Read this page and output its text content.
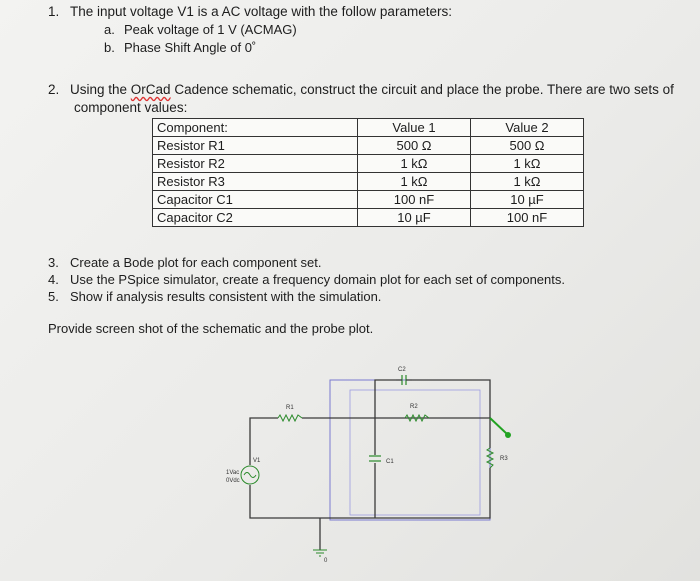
1. The input voltage V1 is a AC voltage with the follow parameters:
a. Peak voltage of 1 V (ACMAG)
b. Phase Shift Angle of 0˚
2. Using the OrCad Cadence schematic, construct the circuit and place the probe. There are two sets of
component values:
Component:	Value 1	Value 2
Resistor R1	500 Ω	500 Ω
Resistor R2	1 kΩ	1 kΩ
Resistor R3	1 kΩ	1 kΩ
Capacitor C1	100 nF	10 µF
Capacitor C2	10 µF	100 nF
3. Create a Bode plot for each component set.
4. Use the PSpice simulator, create a frequency domain plot for each set of components.
5. Show if analysis results consistent with the simulation.
Provide screen shot of the schematic and the probe plot.
R1	R2
R3
C2
C1
V1
1Vac
0Vdc
0
